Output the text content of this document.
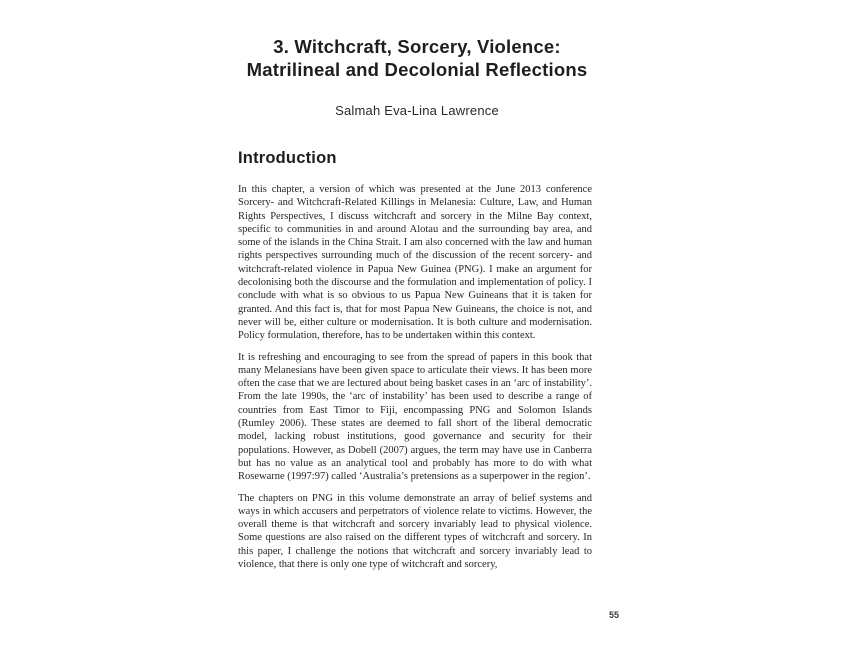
3. Witchcraft, Sorcery, Violence:
Matrilineal and Decolonial Reflections
Salmah Eva-Lina Lawrence
Introduction

In this chapter, a version of which was presented at the June 2013 conference Sorcery- and Witchcraft-Related Killings in Melanesia: Culture, Law, and Human Rights Perspectives, I discuss witchcraft and sorcery in the Milne Bay context, specific to communities in and around Alotau and the surrounding bay area, and some of the islands in the China Strait. I am also concerned with the law and human rights perspectives surrounding much of the discussion of the recent sorcery- and witchcraft-related violence in Papua New Guinea (PNG). I make an argument for decolonising both the discourse and the formulation and implementation of policy. I conclude with what is so obvious to us Papua New Guineans that it is taken for granted. And this fact is, that for most Papua New Guineans, the choice is not, and never will be, either culture or modernisation. It is both culture and modernisation. Policy formulation, therefore, has to be undertaken within this context.

It is refreshing and encouraging to see from the spread of papers in this book that many Melanesians have been given space to articulate their views. It has been more often the case that we are lectured about being basket cases in an ‘arc of instability’. From the late 1990s, the ‘arc of instability’ has been used to describe a range of countries from East Timor to Fiji, encompassing PNG and Solomon Islands (Rumley 2006). These states are deemed to fall short of the liberal democratic model, lacking robust institutions, good governance and security for their populations. However, as Dobell (2007) argues, the term may have use in Canberra but has no value as an analytical tool and probably has more to do with what Rosewarne (1997:97) called ‘Australia’s pretensions as a superpower in the region’.

The chapters on PNG in this volume demonstrate an array of belief systems and ways in which accusers and perpetrators of violence relate to victims. However, the overall theme is that witchcraft and sorcery invariably lead to physical violence. Some questions are also raised on the different types of witchcraft and sorcery. In this paper, I challenge the notions that witchcraft and sorcery invariably lead to violence, that there is only one type of witchcraft and sorcery,

55
